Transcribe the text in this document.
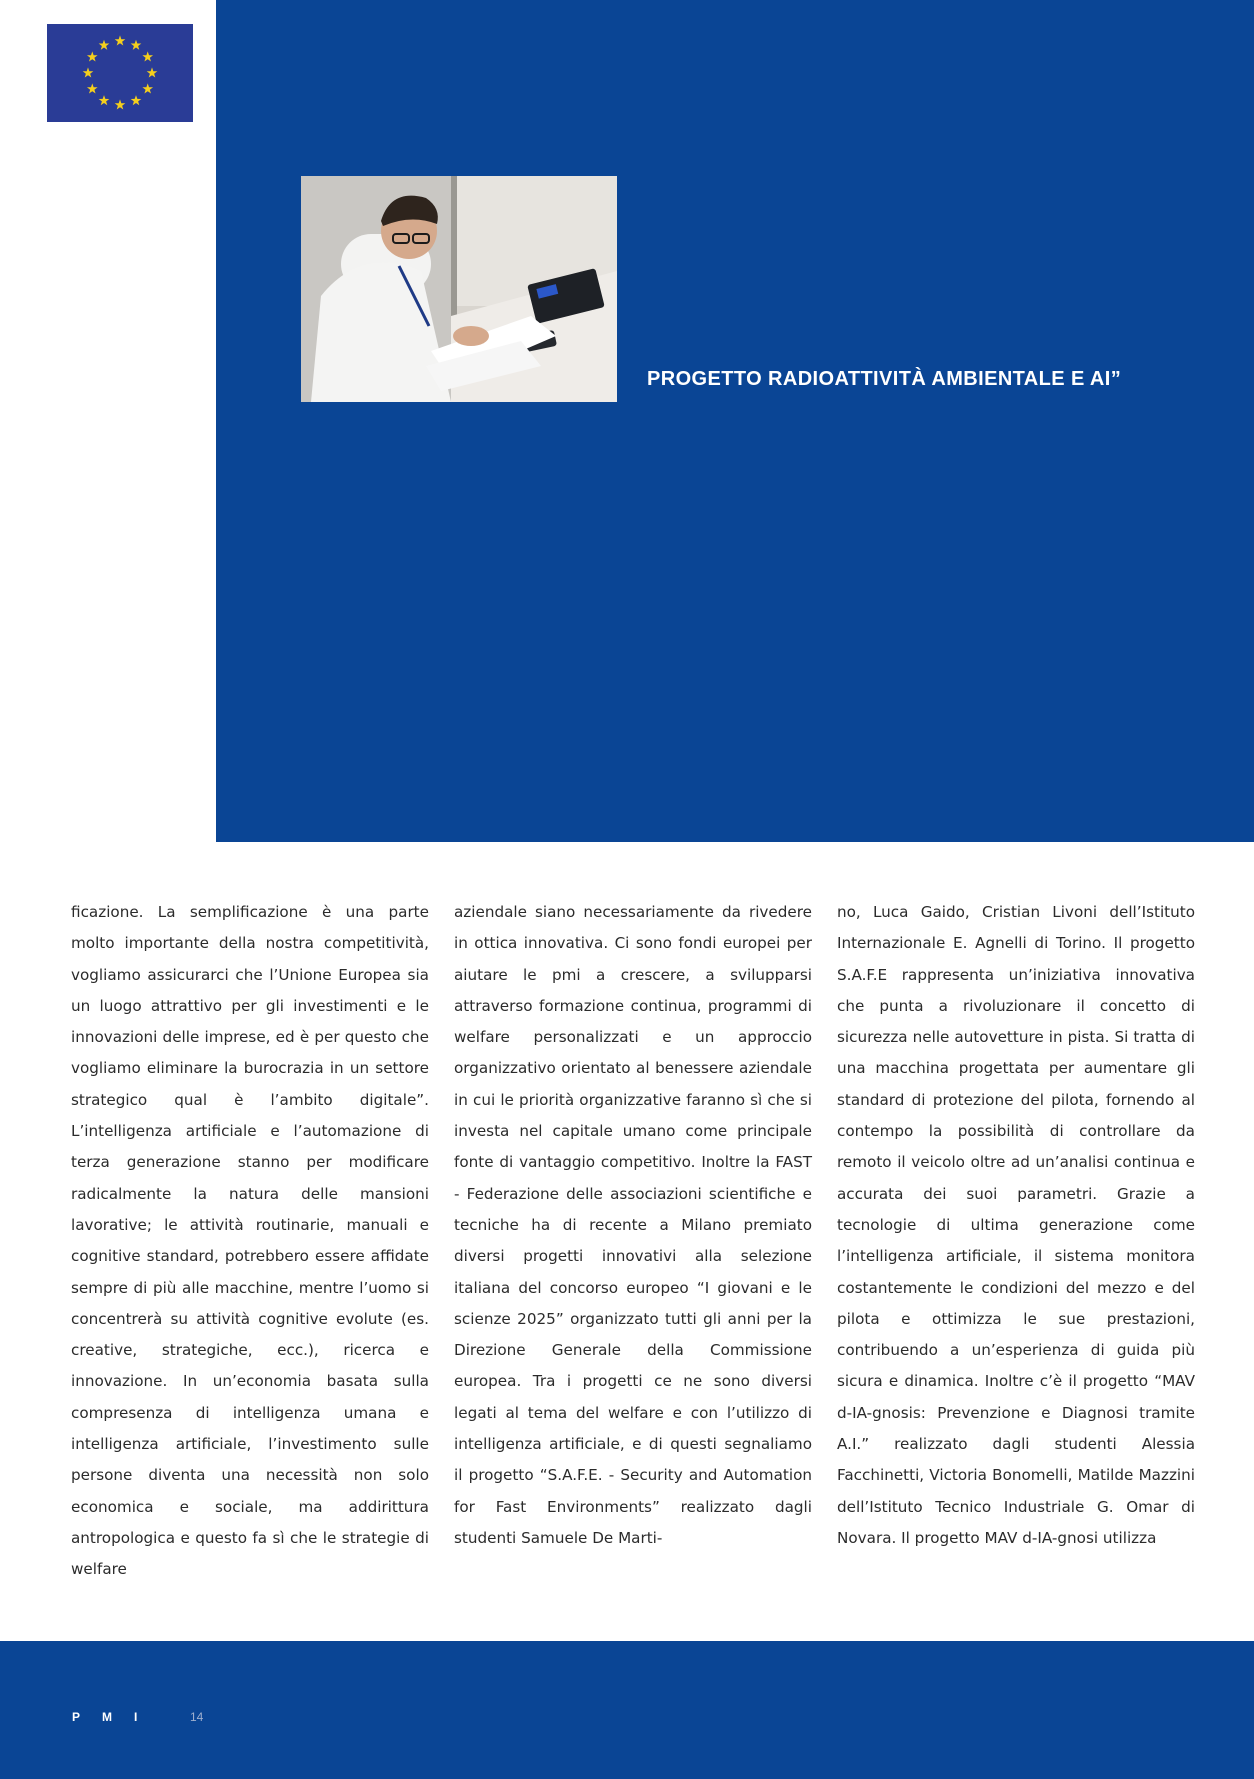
PROGETTO RADIOATTIVITÀ AMBIENTALE E AI”

ficazione. La semplificazione è una parte molto importante della nostra competitività, vogliamo assicurarci che l’Unione Europea sia un luogo attrattivo per gli investimenti e le innovazioni delle imprese, ed è per questo che vogliamo eliminare la burocrazia in un settore strategico qual è l’ambito digitale”. L’intelligenza artificiale e l’automazione di terza generazione stanno per modificare radicalmente la natura delle mansioni lavorative; le attività routinarie, manuali e cognitive standard, potrebbero essere affidate sempre di più alle macchine, mentre l’uomo si concentrerà su attività cognitive evolute (es. creative, strategiche, ecc.), ricerca e innovazione. In un’economia basata sulla compresenza di intelligenza umana e intelligenza artificiale, l’investimento sulle persone diventa una necessità non solo economica e sociale, ma addirittura antropologica e questo fa sì che le strategie di welfare

aziendale siano necessariamente da rivedere in ottica innovativa. Ci sono fondi europei per aiutare le pmi a crescere, a svilupparsi attraverso formazione continua, programmi di welfare personalizzati e un approccio organizzativo orientato al benessere aziendale in cui le priorità organizzative faranno sì che si investa nel capitale umano come principale fonte di vantaggio competitivo. Inoltre la FAST - Federazione delle associazioni scientifiche e tecniche ha di recente a Milano premiato diversi progetti innovativi alla selezione italiana del concorso europeo “I giovani e le scienze 2025” organizzato tutti gli anni per la Direzione Generale della Commissione europea. Tra i progetti ce ne sono diversi legati al tema del welfare e con l’utilizzo di intelligenza artificiale, e di questi segnaliamo il progetto “S.A.F.E. - Security and Automation for Fast Environments” realizzato dagli studenti Samuele De Marti-

no, Luca Gaido, Cristian Livoni dell’Istituto Internazionale E. Agnelli di Torino. Il progetto S.A.F.E rappresenta un’iniziativa innovativa che punta a rivoluzionare il concetto di sicurezza nelle autovetture in pista. Si tratta di una macchina progettata per aumentare gli standard di protezione del pilota, fornendo al contempo la possibilità di controllare da remoto il veicolo oltre ad un’analisi continua e accurata dei suoi parametri. Grazie a tecnologie di ultima generazione come l’intelligenza artificiale, il sistema monitora costantemente le condizioni del mezzo e del pilota e ottimizza le sue prestazioni, contribuendo a un’esperienza di guida più sicura e dinamica. Inoltre c’è il progetto “MAV d-IA-gnosis: Prevenzione e Diagnosi tramite A.I.” realizzato dagli studenti Alessia Facchinetti, Victoria Bonomelli, Matilde Mazzini dell’Istituto Tecnico Industriale G. Omar di Novara. Il progetto MAV d-IA-gnosi utilizza

PMI	14
